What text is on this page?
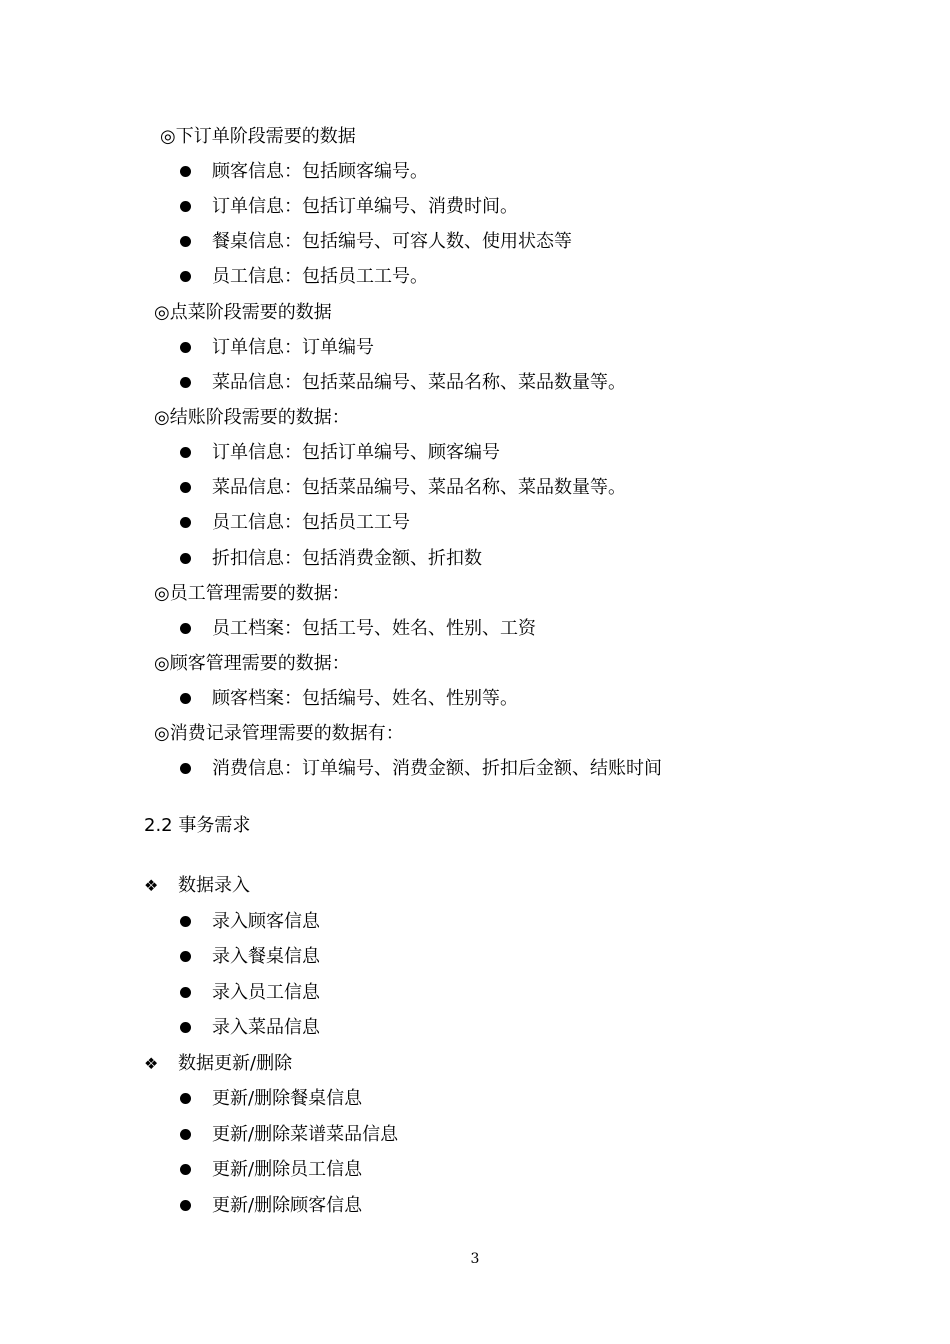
◎下订单阶段需要的数据
顾客信息：包括顾客编号。
订单信息：包括订单编号、消费时间。
餐桌信息：包括编号、可容人数、使用状态等
员工信息：包括员工工号。
◎点菜阶段需要的数据
订单信息：订单编号
菜品信息：包括菜品编号、菜品名称、菜品数量等。
◎结账阶段需要的数据：
订单信息：包括订单编号、顾客编号
菜品信息：包括菜品编号、菜品名称、菜品数量等。
员工信息：包括员工工号
折扣信息：包括消费金额、折扣数
◎员工管理需要的数据：
员工档案：包括工号、姓名、性别、工资
◎顾客管理需要的数据：
顾客档案：包括编号、姓名、性别等。
◎消费记录管理需要的数据有：
消费信息：订单编号、消费金额、折扣后金额、结账时间
2.2 事务需求
❖ 数据录入
录入顾客信息
录入餐桌信息
录入员工信息
录入菜品信息
❖ 数据更新/删除
更新/删除餐桌信息
更新/删除菜谱菜品信息
更新/删除员工信息
更新/删除顾客信息
3
